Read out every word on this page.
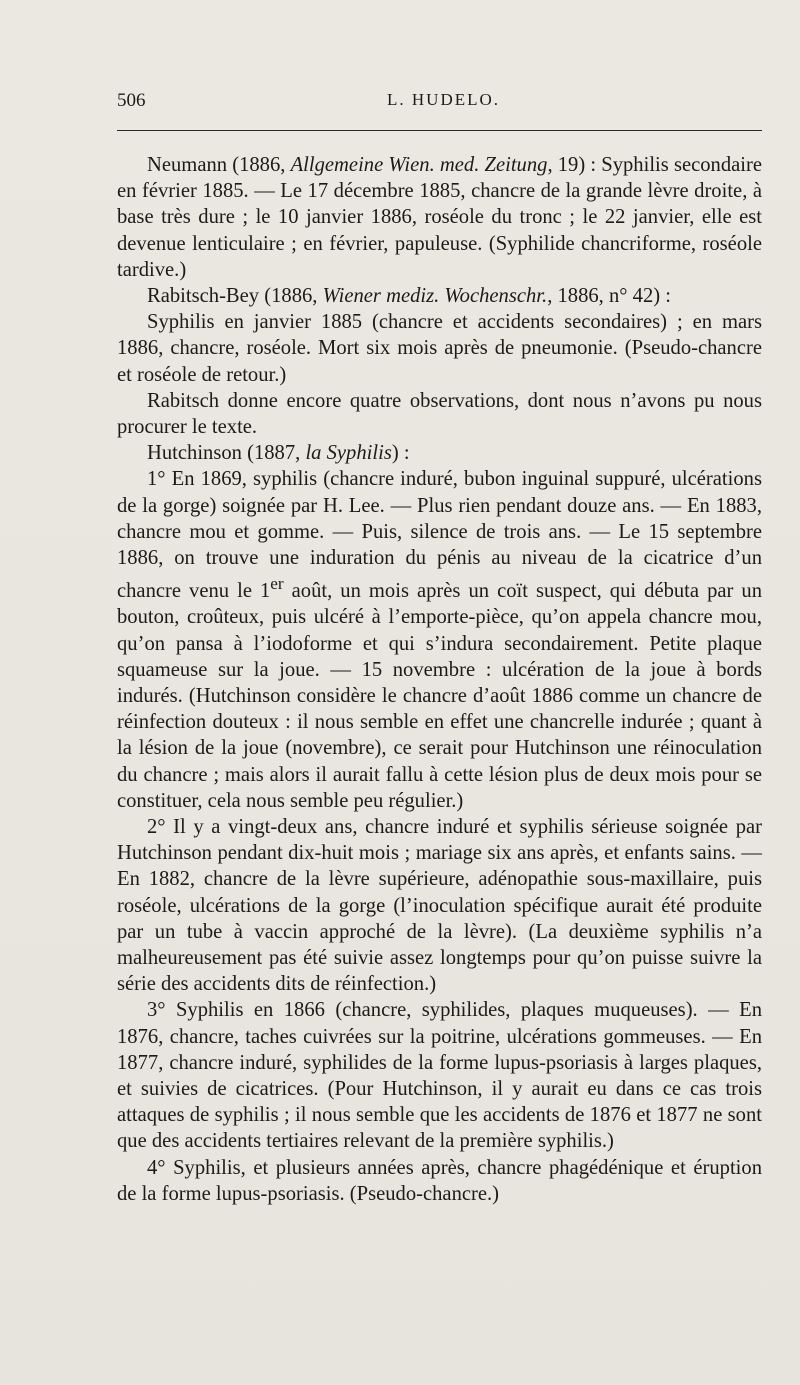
506	L. HUDELO.

Neumann (1886, Allgemeine Wien. med. Zeitung, 19) : Syphilis secondaire en février 1885. — Le 17 décembre 1885, chancre de la grande lèvre droite, à base très dure ; le 10 janvier 1886, roséole du tronc ; le 22 janvier, elle est devenue lenticulaire ; en février, papuleuse. (Syphilide chancriforme, roséole tardive.)

Rabitsch-Bey (1886, Wiener mediz. Wochenschr., 1886, n° 42) :

Syphilis en janvier 1885 (chancre et accidents secondaires) ; en mars 1886, chancre, roséole. Mort six mois après de pneumonie. (Pseudo-chancre et roséole de retour.)

Rabitsch donne encore quatre observations, dont nous n’avons pu nous procurer le texte.

Hutchinson (1887, la Syphilis) :

1° En 1869, syphilis (chancre induré, bubon inguinal suppuré, ulcérations de la gorge) soignée par H. Lee. — Plus rien pendant douze ans. — En 1883, chancre mou et gomme. — Puis, silence de trois ans. — Le 15 septembre 1886, on trouve une induration du pénis au niveau de la cicatrice d’un chancre venu le 1er août, un mois après un coït suspect, qui débuta par un bouton, croûteux, puis ulcéré à l’emporte-pièce, qu’on appela chancre mou, qu’on pansa à l’iodoforme et qui s’indura secondairement. Petite plaque squameuse sur la joue. — 15 novembre : ulcération de la joue à bords indurés. (Hutchinson considère le chancre d’août 1886 comme un chancre de réinfection douteux : il nous semble en effet une chancrelle indurée ; quant à la lésion de la joue (novembre), ce serait pour Hutchinson une réinoculation du chancre ; mais alors il aurait fallu à cette lésion plus de deux mois pour se constituer, cela nous semble peu régulier.)

2° Il y a vingt-deux ans, chancre induré et syphilis sérieuse soignée par Hutchinson pendant dix-huit mois ; mariage six ans après, et enfants sains. — En 1882, chancre de la lèvre supérieure, adénopathie sous-maxillaire, puis roséole, ulcérations de la gorge (l’inoculation spécifique aurait été produite par un tube à vaccin approché de la lèvre). (La deuxième syphilis n’a malheureusement pas été suivie assez longtemps pour qu’on puisse suivre la série des accidents dits de réinfection.)

3° Syphilis en 1866 (chancre, syphilides, plaques muqueuses). — En 1876, chancre, taches cuivrées sur la poitrine, ulcérations gommeuses. — En 1877, chancre induré, syphilides de la forme lupus-psoriasis à larges plaques, et suivies de cicatrices. (Pour Hutchinson, il y aurait eu dans ce cas trois attaques de syphilis ; il nous semble que les accidents de 1876 et 1877 ne sont que des accidents tertiaires relevant de la première syphilis.)

4° Syphilis, et plusieurs années après, chancre phagédénique et éruption de la forme lupus-psoriasis. (Pseudo-chancre.)
